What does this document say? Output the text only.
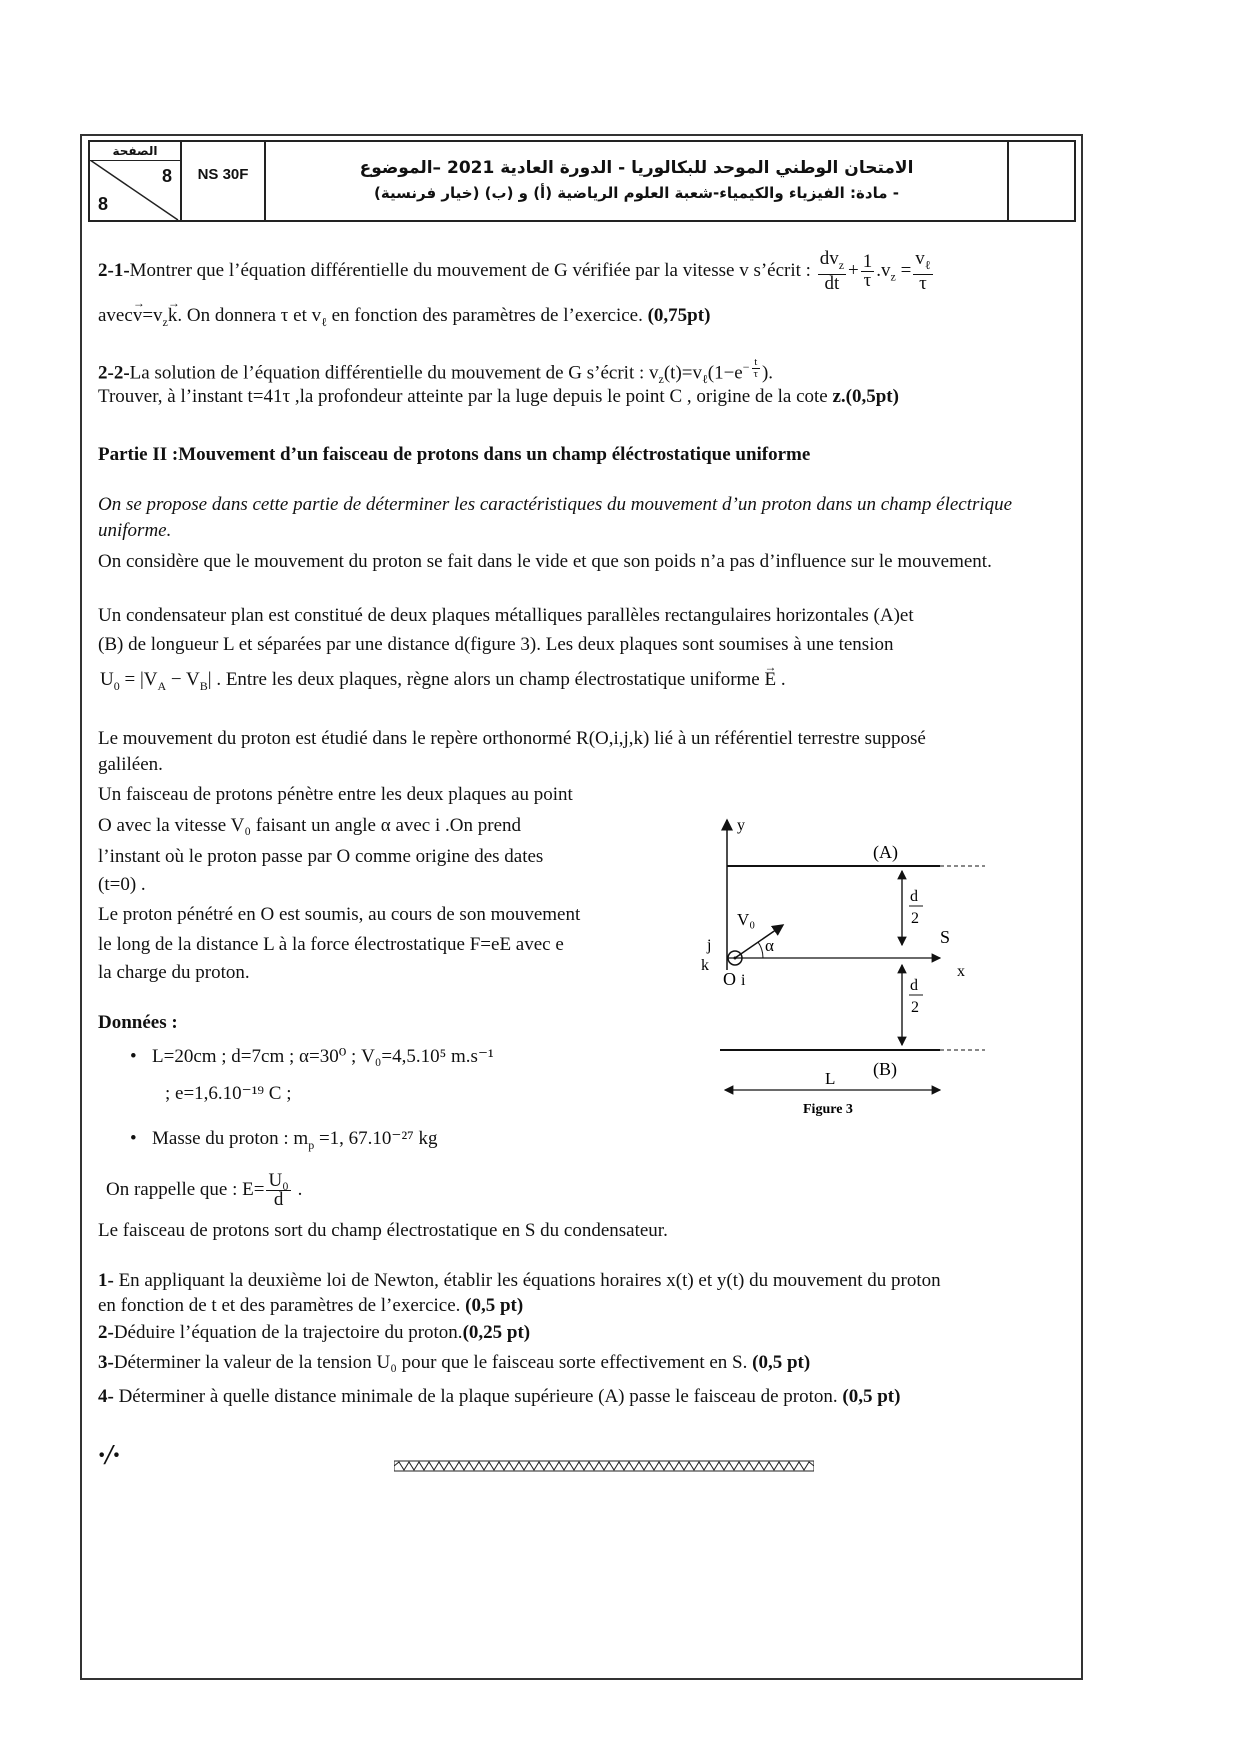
الصفحة
8
8
NS 30F	الامتحان الوطني الموحد للبكالوريا - الدورة العادية 2021 –الموضوع
- مادة: الفيزياء والكيمياء-شعبة العلوم الرياضية (أ) و (ب) (خيار فرنسية)
2-1-Montrer que l’équation différentielle du mouvement de G vérifiée par la vitesse v s’écrit : $\frac{dv_z}{dt} + \frac{1}{\tau} .v_z = \frac{v_\ell}{\tau}$
avec→ $v=v_z\to k$. On donnera τ et $v_\ell$ en fonction des paramètres de l’exercice. (0,75pt)
2-2-La solution de l’équation différentielle du mouvement de G s’écrit : $v_z(t)=v_\ell(1-e^{- \frac{t}{\tau}}$ ).
Trouver, à l’instant t=41τ ,la profondeur atteinte par la luge depuis le point C , origine de la cote z.(0,5pt)
Partie II :Mouvement d’un faisceau de protons dans un champ éléctrostatique uniforme
On se propose dans cette partie de déterminer les caractéristiques du mouvement d’un proton dans un champ électrique uniforme.
On considère que le mouvement du proton se fait dans le vide et que son poids n’a pas d’influence sur le mouvement.
Un condensateur plan est constitué de deux plaques métalliques parallèles rectangulaires horizontales (A)et
(B) de longueur L et séparées par une distance d(figure 3). Les deux plaques sont soumises à une tension
$U_0 = |V_A - V_B|$ . Entre les deux plaques, règne alors un champ électrostatique uniforme → E .
Le mouvement du proton est étudié dans le repère orthonormé R(O,i,j,k) lié à un référentiel terrestre supposé
galiléen.
Un faisceau de protons pénètre entre les deux plaques au point
O avec la vitesse V₀ faisant un angle α avec i .On prend
l’instant où le proton passe par O comme origine des dates
(t=0) .
Le proton pénétré en O est soumis, au cours de son mouvement
le long de la distance L à la force électrostatique F=eE avec e
la charge du proton.
Données :
• L=20cm ; d=7cm ; α=30⁰ ; V₀=4,5.10⁵ m.s⁻¹
; e=1,6.10⁻¹⁹ C ;
• Masse du proton : $m_p =1$, 67.10⁻²⁷ kg
On rappelle que : $E= \frac{\text{U₀}}{d}$ .
Le faisceau de protons sort du champ électrostatique en S du condensateur.
1- En appliquant la deuxième loi de Newton, établir les équations horaires x(t) et y(t) du mouvement du proton
en fonction de t et des paramètres de l’exercice. (0,5 pt)
2-Déduire l’équation de la trajectoire du proton.(0,25 pt)
3-Déterminer la valeur de la tension U₀ pour que le faisceau sorte effectivement en S. (0,5 pt)
4- Déterminer à quelle distance minimale de la plaque supérieure (A) passe le faisceau de proton. (0,5 pt)
·/·
y
(A)
(B)
x
S
O i
j
k
V₀
α
d
2
d
2
L
Figure 3
